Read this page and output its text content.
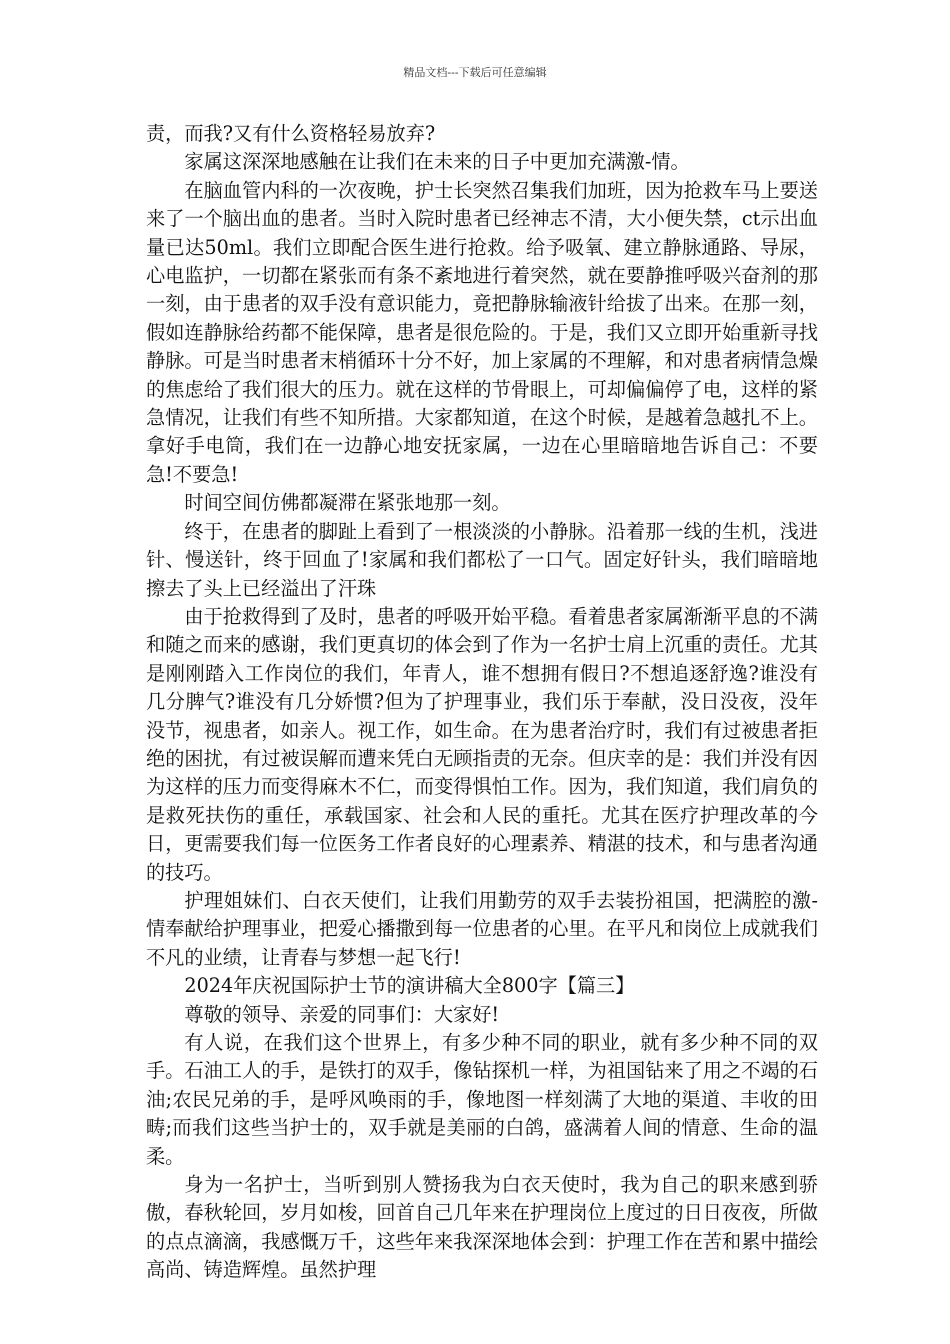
精品文档---下载后可任意编辑

责，而我?又有什么资格轻易放弃?

家属这深深地感触在让我们在未来的日子中更加充满激-情。

在脑血管内科的一次夜晚，护士长突然召集我们加班，因为抢救车马上要送来了一个脑出血的患者。当时入院时患者已经神志不清，大小便失禁，ct示出血量已达50ml。我们立即配合医生进行抢救。给予吸氧、建立静脉通路、导尿，心电监护，一切都在紧张而有条不紊地进行着突然，就在要静推呼吸兴奋剂的那一刻，由于患者的双手没有意识能力，竟把静脉输液针给拔了出来。在那一刻，假如连静脉给药都不能保障，患者是很危险的。于是，我们又立即开始重新寻找静脉。可是当时患者末梢循环十分不好，加上家属的不理解，和对患者病情急燥的焦虑给了我们很大的压力。就在这样的节骨眼上，可却偏偏停了电，这样的紧急情况，让我们有些不知所措。大家都知道，在这个时候，是越着急越扎不上。拿好手电筒，我们在一边静心地安抚家属，一边在心里暗暗地告诉自己：不要急!不要急!

时间空间仿佛都凝滞在紧张地那一刻。

终于，在患者的脚趾上看到了一根淡淡的小静脉。沿着那一线的生机，浅进针、慢送针，终于回血了!家属和我们都松了一口气。固定好针头，我们暗暗地擦去了头上已经溢出了汗珠

由于抢救得到了及时，患者的呼吸开始平稳。看着患者家属渐渐平息的不满和随之而来的感谢，我们更真切的体会到了作为一名护士肩上沉重的责任。尤其是刚刚踏入工作岗位的我们，年青人，谁不想拥有假日?不想追逐舒逸?谁没有几分脾气?谁没有几分娇惯?但为了护理事业，我们乐于奉献，没日没夜，没年没节，视患者，如亲人。视工作，如生命。在为患者治疗时，我们有过被患者拒绝的困扰，有过被误解而遭来凭白无顾指责的无奈。但庆幸的是：我们并没有因为这样的压力而变得麻木不仁，而变得惧怕工作。因为，我们知道，我们肩负的是救死扶伤的重任，承载国家、社会和人民的重托。尤其在医疗护理改革的今日，更需要我们每一位医务工作者良好的心理素养、精湛的技术，和与患者沟通的技巧。

护理姐妹们、白衣天使们，让我们用勤劳的双手去装扮祖国，把满腔的激-情奉献给护理事业，把爱心播撒到每一位患者的心里。在平凡和岗位上成就我们不凡的业绩，让青春与梦想一起飞行!

2024年庆祝国际护士节的演讲稿大全800字【篇三】

尊敬的领导、亲爱的同事们：大家好!

有人说，在我们这个世界上，有多少种不同的职业，就有多少种不同的双手。石油工人的手，是铁打的双手，像钻探机一样，为祖国钻来了用之不竭的石油;农民兄弟的手，是呼风唤雨的手，像地图一样刻满了大地的渠道、丰收的田畴;而我们这些当护士的，双手就是美丽的白鸽，盛满着人间的情意、生命的温柔。

身为一名护士，当听到别人赞扬我为白衣天使时，我为自己的职来感到骄傲，春秋轮回，岁月如梭，回首自己几年来在护理岗位上度过的日日夜夜，所做的点点滴滴，我感慨万千，这些年来我深深地体会到：护理工作在苦和累中描绘高尚、铸造辉煌。虽然护理
